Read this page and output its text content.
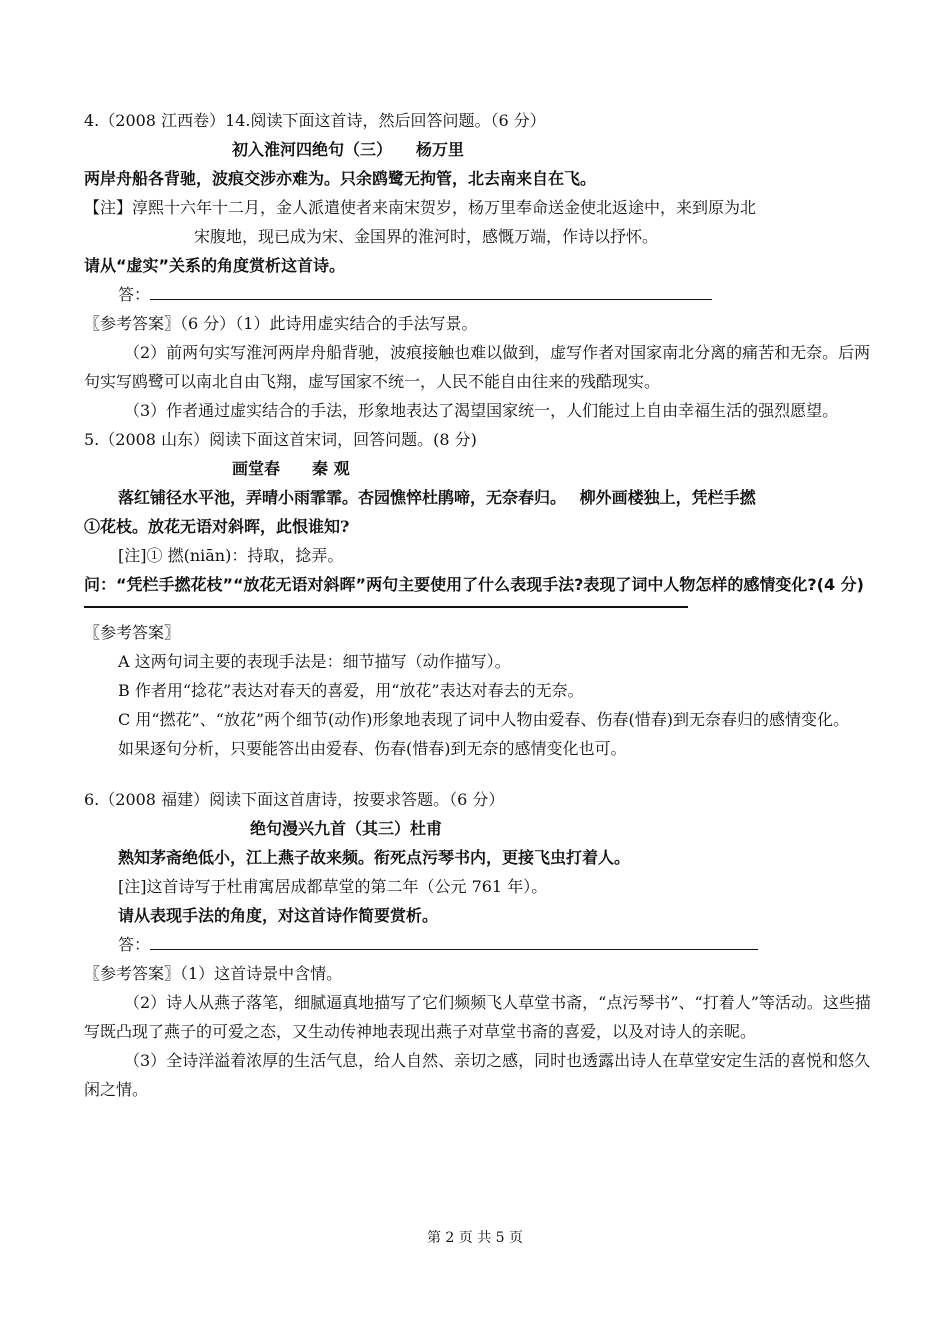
4.（2008 江西卷）14.阅读下面这首诗，然后回答问题。（6 分）
初入淮河四绝句（三）　　杨万里
两岸舟船各背驰，波痕交涉亦难为。只余鸥鹭无拘管，北去南来自在飞。
【注】淳熙十六年十二月，金人派遣使者来南宋贺岁，杨万里奉命送金使北返途中，来到原为北
宋腹地，现已成为宋、金国界的淮河时，感慨万端，作诗以抒怀。
请从“虚实”关系的角度赏析这首诗。
答：
〖参考答案〗（6 分）（1）此诗用虚实结合的手法写景。
（2）前两句实写淮河两岸舟船背驰，波痕接触也难以做到，虚写作者对国家南北分离的痛苦和无奈。后两句实写鸥鹭可以南北自由飞翔，虚写国家不统一，人民不能自由往来的残酷现实。
（3）作者通过虚实结合的手法，形象地表达了渴望国家统一，人们能过上自由幸福生活的强烈愿望。
5.（2008 山东）阅读下面这首宋词，回答问题。(8 分)
画堂春　　秦 观
落红铺径水平池，弄晴小雨霏霏。杏园憔悴杜鹃啼，无奈春归。　 柳外画楼独上，凭栏手撚
①花枝。放花无语对斜晖，此恨谁知?
[注]① 撚(niān)：持取，捻弄。
问：“凭栏手撚花枝”“放花无语对斜晖”两句主要使用了什么表现手法?表现了词中人物怎样的感情变化?(4 分)
〖参考答案〗
A 这两句词主要的表现手法是：细节描写（动作描写）。
B 作者用“捻花”表达对春天的喜爱，用“放花”表达对春去的无奈。
C 用“撚花”、“放花”两个细节(动作)形象地表现了词中人物由爱春、伤春(惜春)到无奈春归的感情变化。
如果逐句分析，只要能答出由爱春、伤春(惜春)到无奈的感情变化也可。
6.（2008 福建）阅读下面这首唐诗，按要求答题。（6 分）
绝句漫兴九首（其三）杜甫
熟知茅斋绝低小，江上燕子故来频。衔死点污琴书内，更接飞虫打着人。
[注]这首诗写于杜甫寓居成都草堂的第二年（公元 761 年）。
请从表现手法的角度，对这首诗作简要赏析。
答：
〖参考答案〗（1）这首诗景中含情。
（2）诗人从燕子落笔，细腻逼真地描写了它们频频飞人草堂书斋，“点污琴书”、“打着人”等活动。这些描写既凸现了燕子的可爱之态，又生动传神地表现出燕子对草堂书斋的喜爱，以及对诗人的亲昵。
（3）全诗洋溢着浓厚的生活气息，给人自然、亲切之感，同时也透露出诗人在草堂安定生活的喜悦和悠久闲之情。
第 2 页 共 5 页
